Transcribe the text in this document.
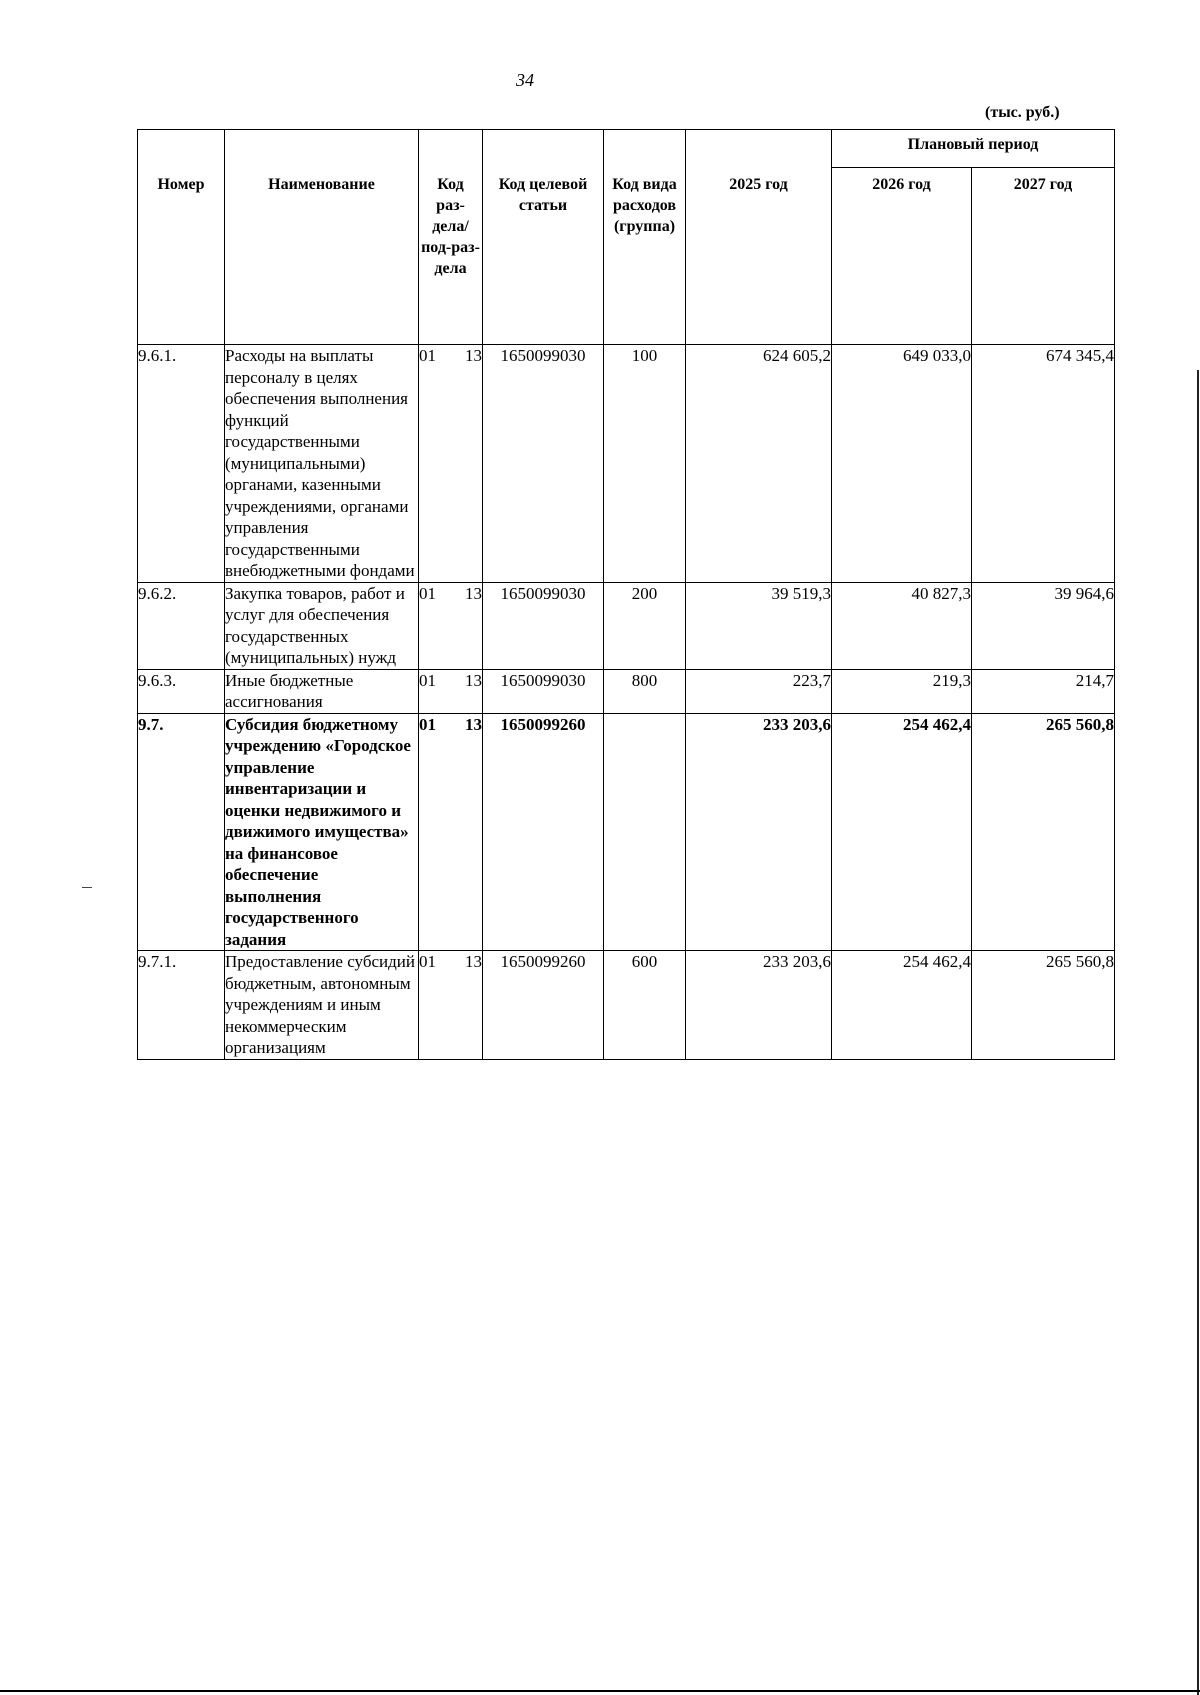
34
(тыс. руб.)
Номер	Наименование	Код раз-дела/ под-раз-дела	Код целевой статьи	Код вида расходов (группа)	2025 год	Плановый период	

						2026 год	2027 год

9.6.1.	Расходы на выплаты персоналу в целях обеспечения выполнения функций государственными (муниципальными) органами, казенными учреждениями, органами управления государственными внебюджетными фондами	01 13	1650099030	100	624 605,2	649 033,0	674 345,4
9.6.2.	Закупка товаров, работ и услуг для обеспечения государственных (муниципальных) нужд	01 13	1650099030	200	39 519,3	40 827,3	39 964,6
9.6.3.	Иные бюджетные ассигнования	01 13	1650099030	800	223,7	219,3	214,7
9.7.	Субсидия бюджетному учреждению «Городское управление инвентаризации и оценки недвижимого и движимого имущества» на финансовое обеспечение выполнения государственного задания	01 13	1650099260		233 203,6	254 462,4	265 560,8
9.7.1.	Предоставление субсидий бюджетным, автономным учреждениям и иным некоммерческим организациям	01 13	1650099260	600	233 203,6	254 462,4	265 560,8
